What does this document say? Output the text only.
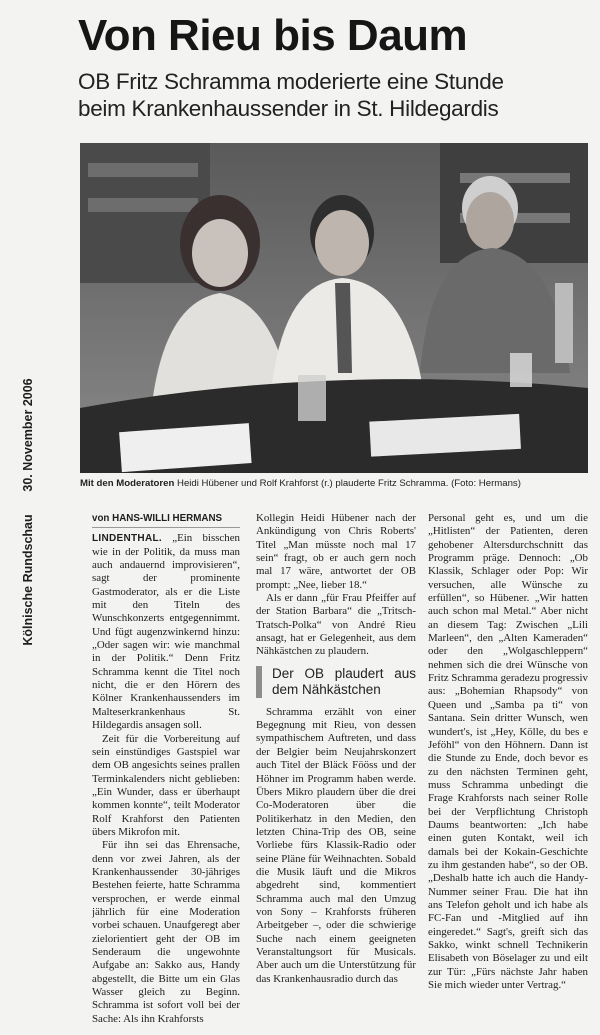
Von Rieu bis Daum
OB Fritz Schramma moderierte eine Stunde
beim Krankenhaussender in St. Hildegardis
30. November 2006
Kölnische Rundschau
Mit den Moderatoren Heidi Hübener und Rolf Krahforst (r.) plauderte Fritz Schramma. (Foto: Hermans)
von HANS-WILLI HERMANS

LINDENTHAL. „Ein bisschen wie in der Politik, da muss man auch andauernd improvisieren“, sagt der prominente Gastmoderator, als er die Liste mit den Titeln des Wunschkonzerts entgegennimmt. Und fügt augenzwinkernd hinzu: „Oder sagen wir: wie manchmal in der Politik.“ Denn Fritz Schramma kennt die Titel noch nicht, die er den Hörern des Kölner Krankenhaussenders im Malteserkrankenhaus St. Hildegardis ansagen soll.

Zeit für die Vorbereitung auf sein einstündiges Gastspiel war dem OB angesichts seines prallen Terminkalenders nicht geblieben: „Ein Wunder, dass er überhaupt kommen konnte“, teilt Moderator Rolf Krahforst den Patienten übers Mikrofon mit.

Für ihn sei das Ehrensache, denn vor zwei Jahren, als der Krankenhaussender 30-jähriges Bestehen feierte, hatte Schramma versprochen, er werde einmal jährlich für eine Moderation vorbei schauen. Unaufgeregt aber zielorientiert geht der OB im Senderaum die ungewohnte Aufgabe an: Sakko aus, Handy abgestellt, die Bitte um ein Glas Wasser gleich zu Beginn. Schramma ist sofort voll bei der Sache: Als ihn Krahforsts

Kollegin Heidi Hübener nach der Ankündigung von Chris Roberts' Titel „Man müsste noch mal 17 sein“ fragt, ob er auch gern noch mal 17 wäre, antwortet der OB prompt: „Nee, lieber 18.“

Als er dann „für Frau Pfeiffer auf der Station Barbara“ die „Tritsch-Tratsch-Polka“ von André Rieu ansagt, hat er Gelegenheit, aus dem Nähkästchen zu plaudern.

Der OB plaudert aus dem Nähkästchen

Schramma erzählt von einer Begegnung mit Rieu, von dessen sympathischem Auftreten, und dass der Belgier beim Neujahrskonzert auch Titel der Bläck Fööss und der Höhner im Programm haben werde. Übers Mikro plaudern über die drei Co-Moderatoren über die Politikerhatz in den Medien, den letzten China-Trip des OB, seine Vorliebe fürs Klassik-Radio oder seine Pläne für Weihnachten. Sobald die Musik läuft und die Mikros abgedreht sind, kommentiert Schramma auch mal den Umzug von Sony – Krahforsts früheren Arbeitgeber –, oder die schwierige Suche nach einem geeigneten Veranstaltungsort für Musicals. Aber auch um die Unterstützung für das Krankenhausradio durch das

Personal geht es, und um die „Hitlisten“ der Patienten, deren gehobener Altersdurchschnitt das Programm präge. Dennoch: „Ob Klassik, Schlager oder Pop: Wir versuchen, alle Wünsche zu erfüllen“, so Hübener. „Wir hatten auch schon mal Metal.“ Aber nicht an diesem Tag: Zwischen „Lili Marleen“, den „Alten Kameraden“ oder den „Wolgaschleppern“ nehmen sich die drei Wünsche von Fritz Schramma geradezu progressiv aus: „Bohemian Rhapsody“ von Queen und „Samba pa ti“ von Santana. Sein dritter Wunsch, wen wundert's, ist „Hey, Kölle, du bes e Jeföhl“ von den Höhnern. Dann ist die Stunde zu Ende, doch bevor es zu den nächsten Terminen geht, muss Schramma unbedingt die Frage Krahforsts nach seiner Rolle bei der Verpflichtung Christoph Daums beantworten: „Ich habe einen guten Kontakt, weil ich damals bei der Kokain-Geschichte zu ihm gestanden habe“, so der OB. „Deshalb hatte ich auch die Handy-Nummer seiner Frau. Die hat ihn ans Telefon geholt und ich habe als FC-Fan und -Mitglied auf ihn eingeredet.“ Sagt's, greift sich das Sakko, winkt schnell Technikerin Elisabeth von Böselager zu und eilt zur Tür: „Fürs nächste Jahr haben Sie mich wieder unter Vertrag.“
